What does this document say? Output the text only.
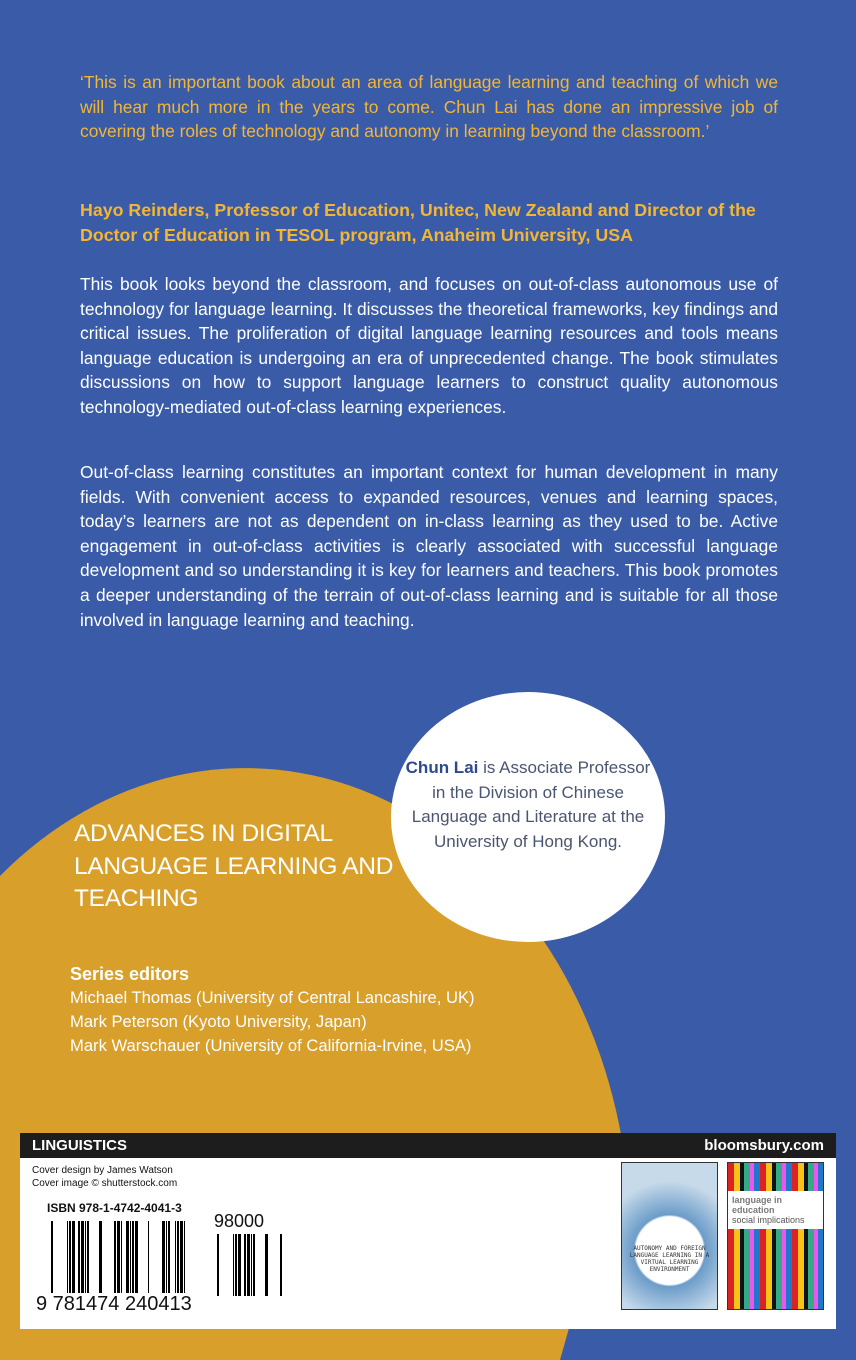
‘This is an important book about an area of language learning and teaching of which we will hear much more in the years to come. Chun Lai has done an impressive job of covering the roles of technology and autonomy in learning beyond the classroom.’
Hayo Reinders, Professor of Education, Unitec, New Zealand and Director of the Doctor of Education in TESOL program, Anaheim University, USA
This book looks beyond the classroom, and focuses on out-of-class autonomous use of technology for language learning. It discusses the theoretical frameworks, key findings and critical issues. The proliferation of digital language learning resources and tools means language education is undergoing an era of unprecedented change. The book stimulates discussions on how to support language learners to construct quality autonomous technology-mediated out-of-class learning experiences.
Out-of-class learning constitutes an important context for human development in many fields. With convenient access to expanded resources, venues and learning spaces, today’s learners are not as dependent on in-class learning as they used to be. Active engagement in out-of-class activities is clearly associated with successful language development and so understanding it is key for learners and teachers. This book promotes a deeper understanding of the terrain of out-of-class learning and is suitable for all those involved in language learning and teaching.
Chun Lai is Associate Professor in the Division of Chinese Language and Literature at the University of Hong Kong.
ADVANCES IN DIGITAL LANGUAGE LEARNING AND TEACHING
Series editors
Michael Thomas (University of Central Lancashire, UK)
Mark Peterson (Kyoto University, Japan)
Mark Warschauer (University of California-Irvine, USA)
LINGUISTICS	bloomsbury.com
Cover design by James Watson
Cover image © shutterstock.com
ISBN 978-1-4742-4041-3
9 781474 240413
98000
AUTONOMY AND FOREIGN LANGUAGE LEARNING IN A VIRTUAL LEARNING ENVIRONMENT
language in education
social implications
